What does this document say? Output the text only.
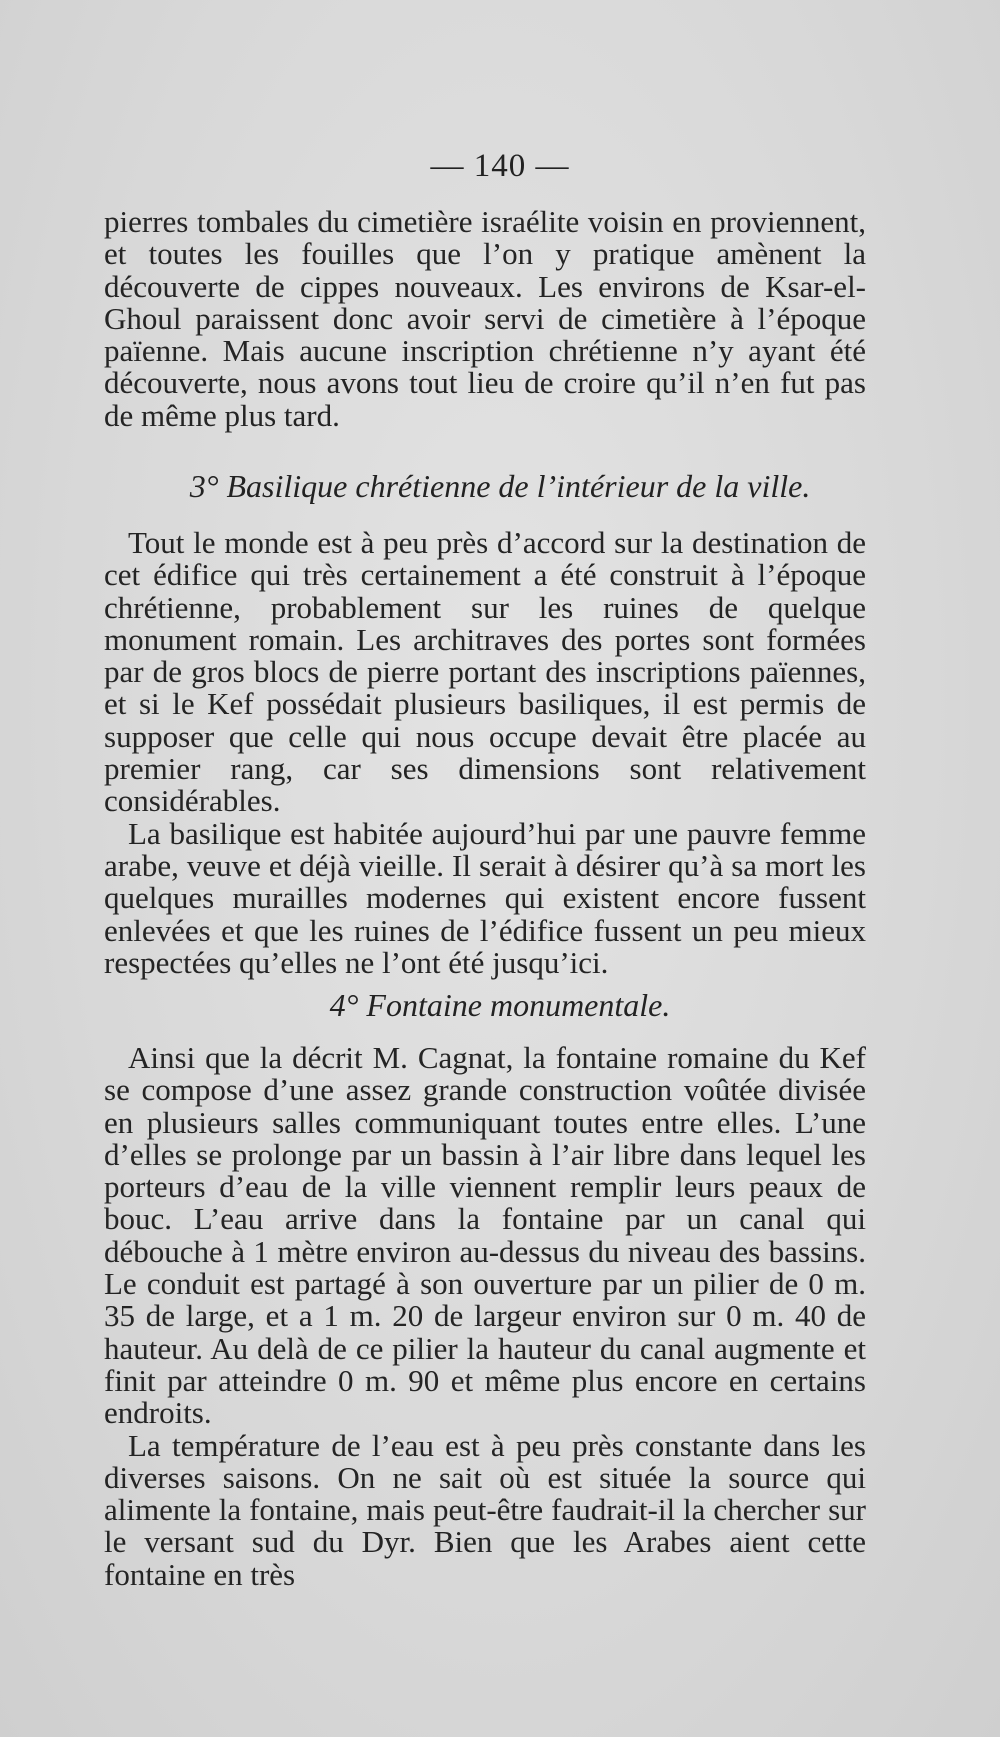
— 140 —

pierres tombales du cimetière israélite voisin en proviennent, et toutes les fouilles que l’on y pratique amènent la découverte de cippes nouveaux. Les environs de Ksar-el-Ghoul paraissent donc avoir servi de cimetière à l’époque païenne. Mais aucune inscription chrétienne n’y ayant été découverte, nous avons tout lieu de croire qu’il n’en fut pas de même plus tard.

3° Basilique chrétienne de l’intérieur de la ville.

Tout le monde est à peu près d’accord sur la destination de cet édifice qui très certainement a été construit à l’époque chrétienne, probablement sur les ruines de quelque monument romain. Les architraves des portes sont formées par de gros blocs de pierre portant des inscriptions païennes, et si le Kef possédait plusieurs basiliques, il est permis de supposer que celle qui nous occupe devait être placée au premier rang, car ses dimensions sont relativement considérables.

La basilique est habitée aujourd’hui par une pauvre femme arabe, veuve et déjà vieille. Il serait à désirer qu’à sa mort les quelques murailles modernes qui existent encore fussent enlevées et que les ruines de l’édifice fussent un peu mieux respectées qu’elles ne l’ont été jusqu’ici.

4° Fontaine monumentale.

Ainsi que la décrit M. Cagnat, la fontaine romaine du Kef se compose d’une assez grande construction voûtée divisée en plusieurs salles communiquant toutes entre elles. L’une d’elles se prolonge par un bassin à l’air libre dans lequel les porteurs d’eau de la ville viennent remplir leurs peaux de bouc. L’eau arrive dans la fontaine par un canal qui débouche à 1 mètre environ au-dessus du niveau des bassins. Le conduit est partagé à son ouverture par un pilier de 0 m. 35 de large, et a 1 m. 20 de largeur environ sur 0 m. 40 de hauteur. Au delà de ce pilier la hauteur du canal augmente et finit par atteindre 0 m. 90 et même plus encore en certains endroits.

La température de l’eau est à peu près constante dans les diverses saisons. On ne sait où est située la source qui alimente la fontaine, mais peut-être faudrait-il la chercher sur le versant sud du Dyr. Bien que les Arabes aient cette fontaine en très
